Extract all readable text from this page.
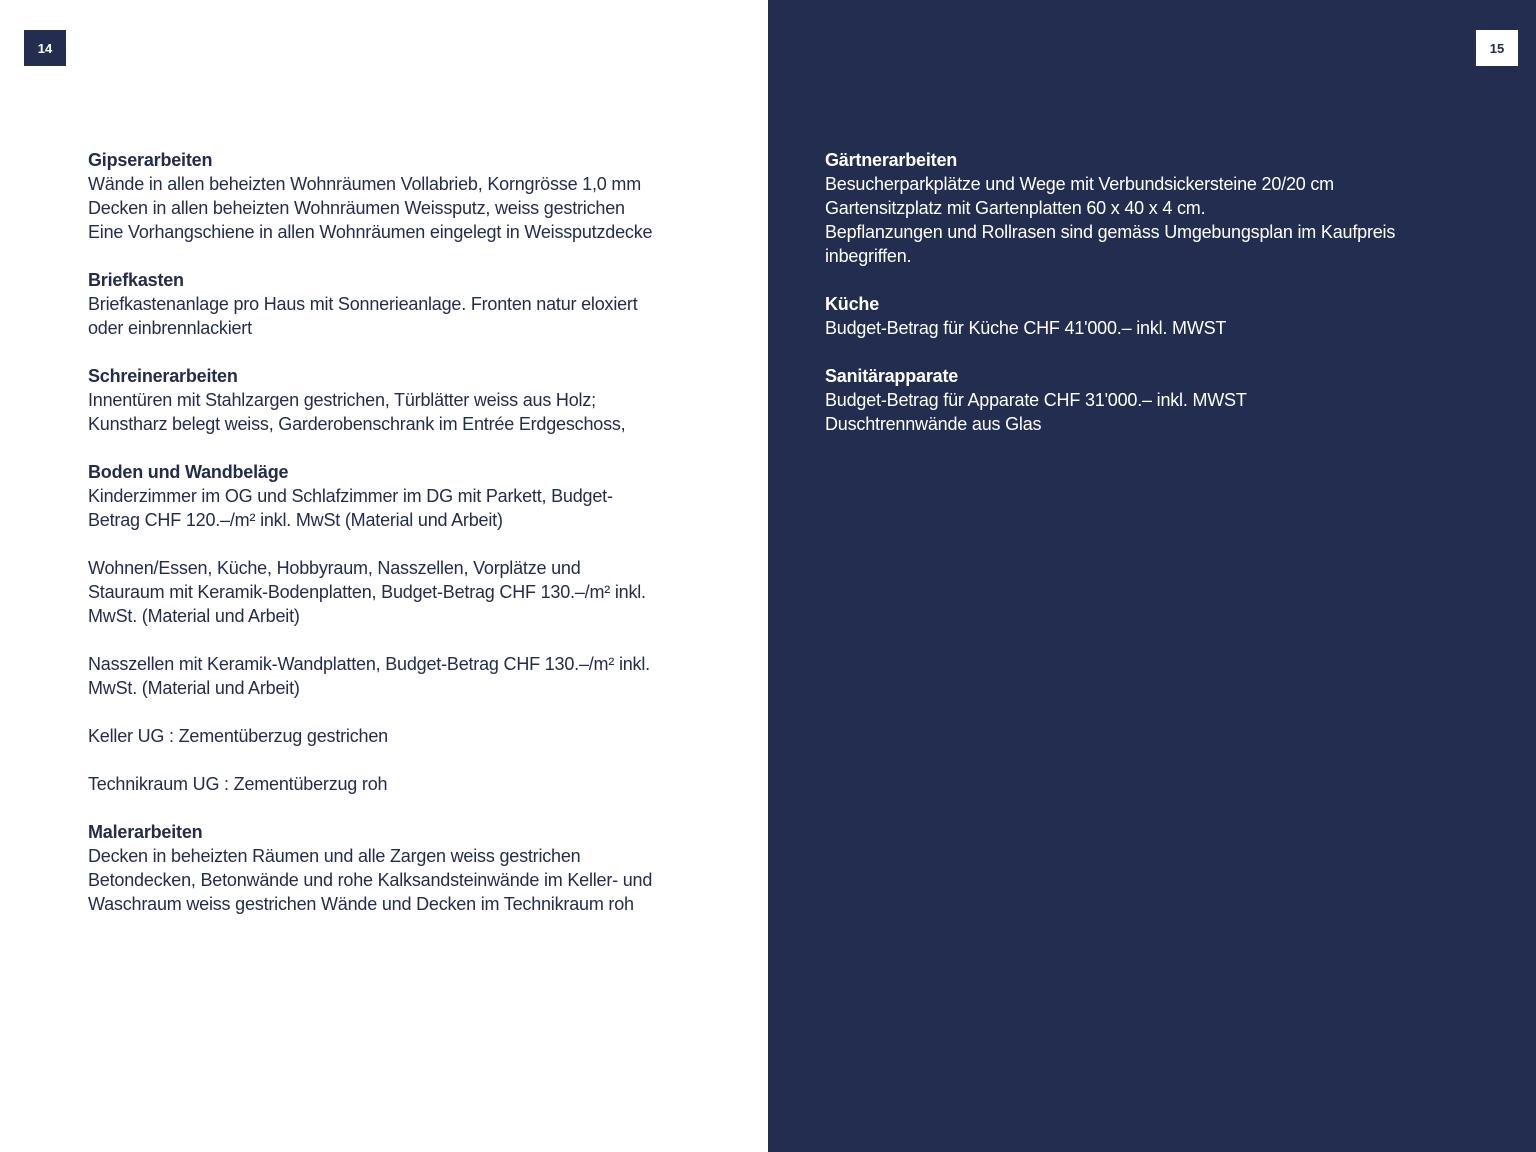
14
Gipserarbeiten
Wände in allen beheizten Wohnräumen Vollabrieb, Korngrösse 1,0 mm
Decken in allen beheizten Wohnräumen Weissputz, weiss gestrichen
Eine Vorhangschiene in allen Wohnräumen eingelegt in Weissputzdecke
Briefkasten
Briefkastenanlage pro Haus mit Sonnerieanlage. Fronten natur eloxiert
oder einbrennlackiert
Schreinerarbeiten
Innentüren mit Stahlzargen gestrichen, Türblätter weiss aus Holz;
Kunstharz belegt weiss, Garderobenschrank im Entrée Erdgeschoss,
Boden und Wandbeläge
Kinderzimmer im OG und Schlafzimmer im DG mit Parkett, Budget-
Betrag CHF 120.–/m² inkl. MwSt (Material und Arbeit)
Wohnen/Essen, Küche, Hobbyraum, Nasszellen, Vorplätze und
Stauraum mit Keramik-Bodenplatten, Budget-Betrag CHF 130.–/m² inkl.
MwSt. (Material und Arbeit)
Nasszellen mit Keramik-Wandplatten, Budget-Betrag CHF 130.–/m² inkl.
MwSt. (Material und Arbeit)
Keller UG : Zementüberzug gestrichen
Technikraum UG : Zementüberzug roh
Malerarbeiten
Decken in beheizten Räumen und alle Zargen weiss gestrichen
Betondecken, Betonwände und rohe Kalksandsteinwände im Keller- und
Waschraum weiss gestrichen Wände und Decken im Technikraum roh
15
Gärtnerarbeiten
Besucherparkplätze und Wege mit Verbundsickersteine 20/20 cm
Gartensitzplatz mit Gartenplatten 60 x 40 x 4 cm.
Bepflanzungen und Rollrasen sind gemäss Umgebungsplan im Kaufpreis
inbegriffen.
Küche
Budget-Betrag für Küche CHF 41'000.– inkl. MWST
Sanitärapparate
Budget-Betrag für Apparate CHF 31'000.– inkl. MWST
Duschtrennwände aus Glas
